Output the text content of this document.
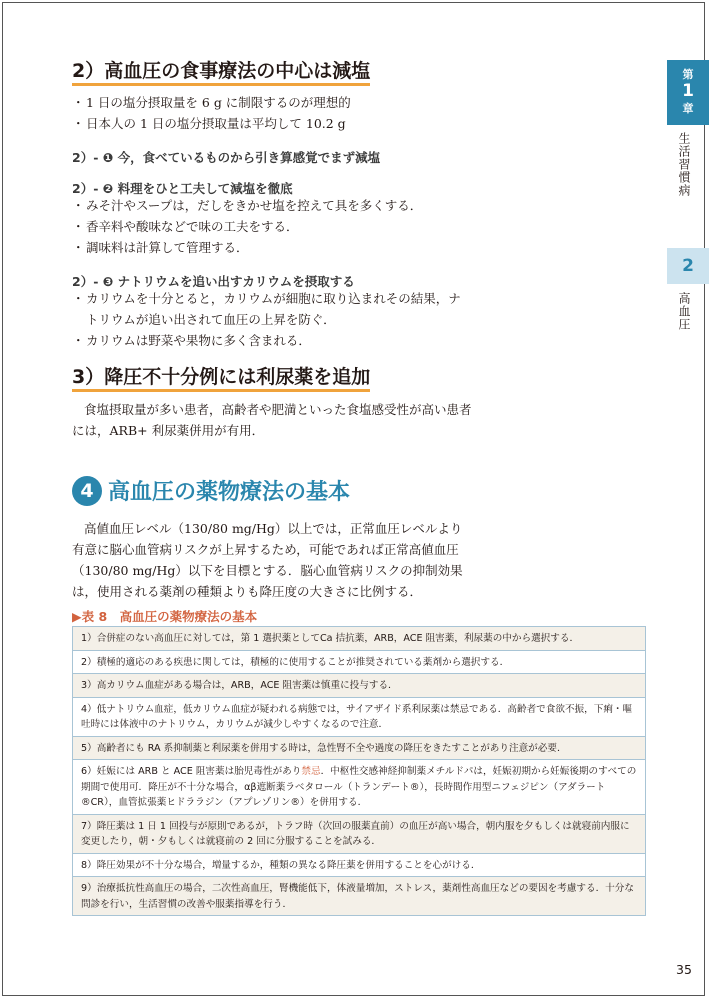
2）高血圧の食事療法の中心は減塩

・1 日の塩分摂取量を 6 g に制限するのが理想的

・日本人の 1 日の塩分摂取量は平均して 10.2 g

2）- ❶ 今，食べているものから引き算感覚でまず減塩

2）- ❷ 料理をひと工夫して減塩を徹底

・みそ汁やスープは，だしをきかせ塩を控えて具を多くする．

・香辛料や酸味などで味の工夫をする．

・調味料は計算して管理する．

2）- ❸ ナトリウムを追い出すカリウムを摂取する

・カリウムを十分とると，カリウムが細胞に取り込まれその結果，ナ

トリウムが追い出されて血圧の上昇を防ぐ．

・カリウムは野菜や果物に多く含まれる．

3）降圧不十分例には利尿薬を追加

食塩摂取量が多い患者，高齢者や肥満といった食塩感受性が高い患者には，ARB+ 利尿薬併用が有用．

4 高血圧の薬物療法の基本

高値血圧レベル（130/80 mg/Hg）以上では，正常血圧レベルより有意に脳心血管病リスクが上昇するため，可能であれば正常高値血圧（130/80 mg/Hg）以下を目標とする．脳心血管病リスクの抑制効果は，使用される薬剤の種類よりも降圧度の大きさに比例する．

▶表 8　高血圧の薬物療法の基本

1）合併症のない高血圧に対しては，第 1 選択薬としてCa 拮抗薬，ARB，ACE 阻害薬，利尿薬の中から選択する．
2）積極的適応のある疾患に関しては，積極的に使用することが推奨されている薬剤から選択する．
3）高カリウム血症がある場合は，ARB，ACE 阻害薬は慎重に投与する．
4）低ナトリウム血症，低カリウム血症が疑われる病態では，サイアザイド系利尿薬は禁忌である．高齢者で食欲不振，下痢・嘔吐時には体液中のナトリウム，カリウムが減少しやすくなるので注意．
5）高齢者にも RA 系抑制薬と利尿薬を併用する時は，急性腎不全や過度の降圧をきたすことがあり注意が必要．
6）妊娠には ARB と ACE 阻害薬は胎児毒性があり禁忌．中枢性交感神経抑制薬メチルドパは，妊娠初期から妊娠後期のすべての期間で使用可．降圧が不十分な場合，αβ遮断薬ラベタロール（トランデート®），長時間作用型ニフェジピン（アダラート®CR），血管拡張薬ヒドララジン（アプレゾリン®）を併用する．
7）降圧薬は 1 日 1 回投与が原則であるが，トラフ時（次回の服薬直前）の血圧が高い場合，朝内服を夕もしくは就寝前内服に変更したり，朝・夕もしくは就寝前の 2 回に分服することを試みる．
8）降圧効果が不十分な場合，増量するか，種類の異なる降圧薬を併用することを心がける．
9）治療抵抗性高血圧の場合，二次性高血圧，腎機能低下，体液量増加，ストレス，薬剤性高血圧などの要因を考慮する．十分な問診を行い，生活習慣の改善や服薬指導を行う．
第
1
章
生活習慣病
2
高血圧
35
